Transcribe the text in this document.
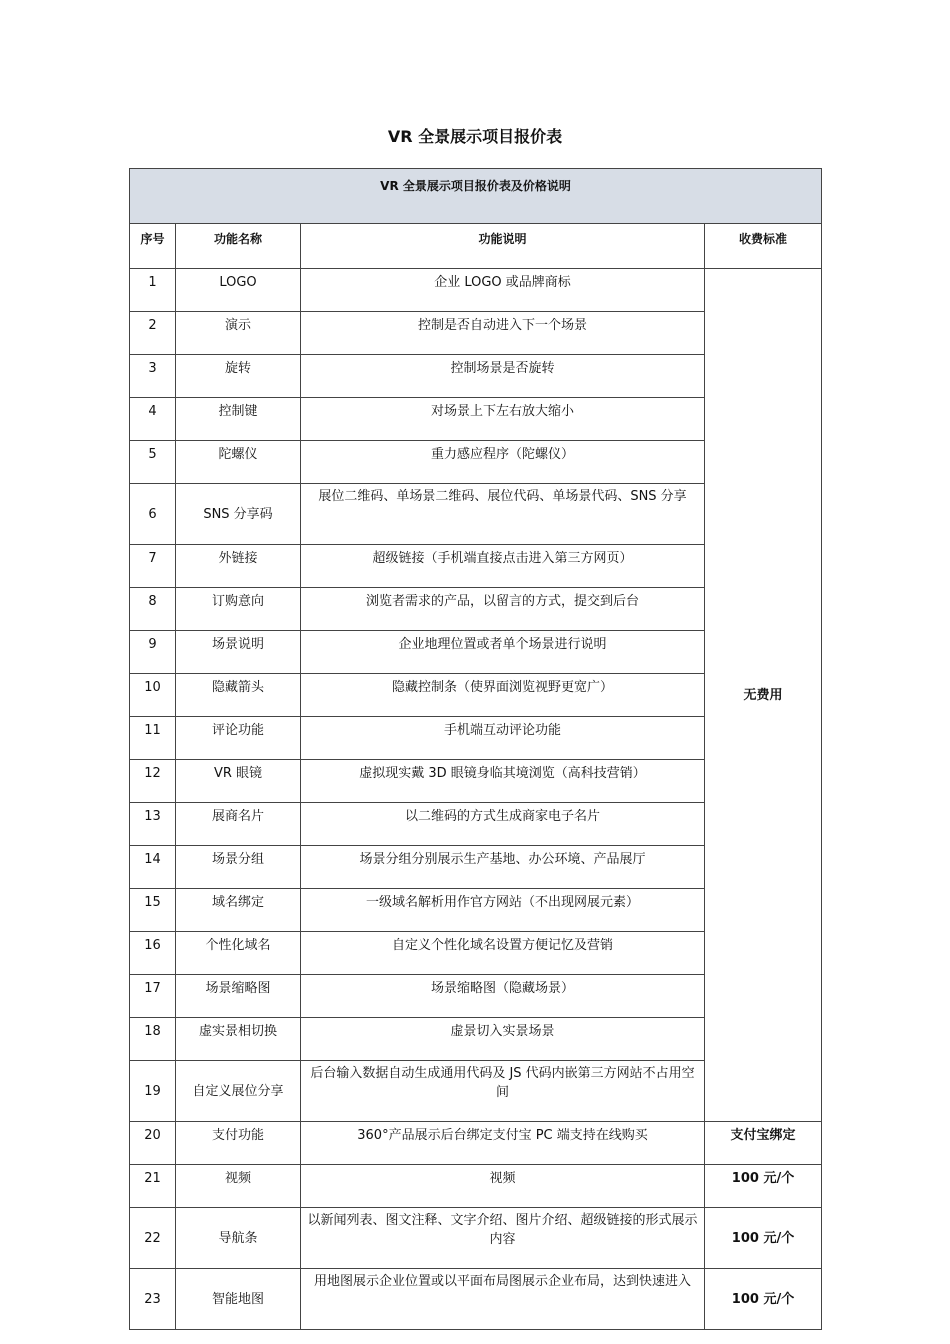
VR 全景展示项目报价表
VR 全景展示项目报价表及价格说明			
序号	功能名称	功能说明	收费标准
1	LOGO	企业 LOGO 或品牌商标	无费用
2	演示	控制是否自动进入下一个场景	
3	旋转	控制场景是否旋转	
4	控制键	对场景上下左右放大缩小	
5	陀螺仪	重力感应程序（陀螺仪）	
6	SNS 分享码	展位二维码、单场景二维码、展位代码、单场景代码、SNS 分享	
7	外链接	超级链接（手机端直接点击进入第三方网页）	
8	订购意向	浏览者需求的产品，以留言的方式，提交到后台	
9	场景说明	企业地理位置或者单个场景进行说明	
10	隐藏箭头	隐藏控制条（使界面浏览视野更宽广）	
11	评论功能	手机端互动评论功能	
12	VR 眼镜	虚拟现实戴 3D 眼镜身临其境浏览（高科技营销）	
13	展商名片	以二维码的方式生成商家电子名片	
14	场景分组	场景分组分别展示生产基地、办公环境、产品展厅	
15	域名绑定	一级域名解析用作官方网站（不出现网展元素）	
16	个性化域名	自定义个性化域名设置方便记忆及营销	
17	场景缩略图	场景缩略图（隐藏场景）	
18	虚实景相切换	虚景切入实景场景	
19	自定义展位分享	后台输入数据自动生成通用代码及 JS 代码内嵌第三方网站不占用空间	
20	支付功能	360°产品展示后台绑定支付宝 PC 端支持在线购买	支付宝绑定
21	视频	视频	100 元/个
22	导航条	以新闻列表、图文注释、文字介绍、图片介绍、超级链接的形式展示内容	100 元/个
23	智能地图	用地图展示企业位置或以平面布局图展示企业布局，达到快速进入	100 元/个
